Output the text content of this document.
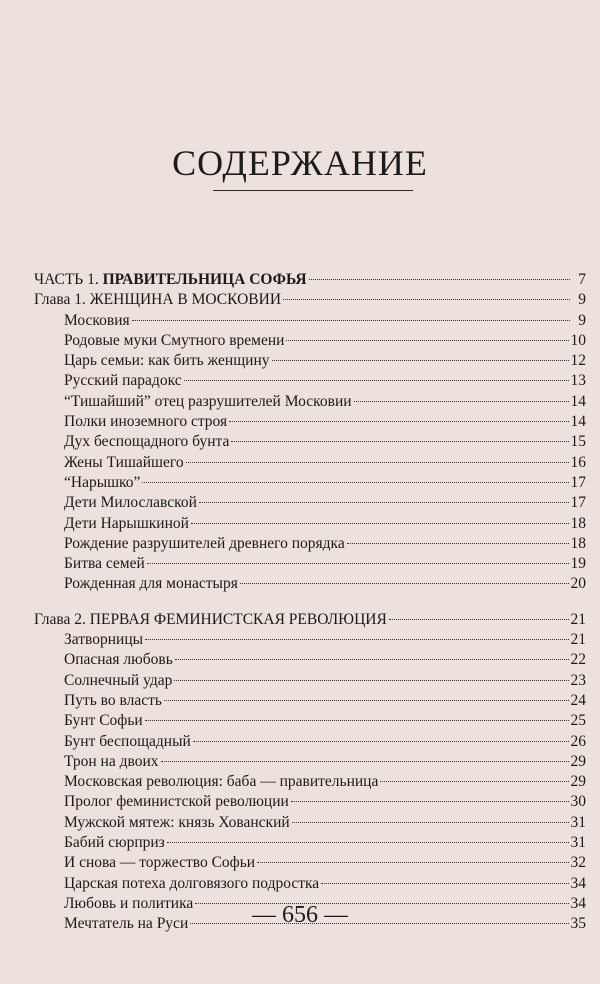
СОДЕРЖАНИЕ
ЧАСТЬ 1. ПРАВИТЕЛЬНИЦА СОФЬЯ	7
Глава 1. ЖЕНЩИНА В МОСКОВИИ	9
Московия	9
Родовые муки Смутного времени	10
Царь семьи: как бить женщину	12
Русский парадокс	13
“Тишайший” отец разрушителей Московии	14
Полки иноземного строя	14
Дух беспощадного бунта	15
Жены Тишайшего	16
“Нарышко”	17
Дети Милославской	17
Дети Нарышкиной	18
Рождение разрушителей древнего порядка	18
Битва семей	19
Рожденная для монастыря	20
Глава 2. ПЕРВАЯ ФЕМИНИСТСКАЯ РЕВОЛЮЦИЯ	21
Затворницы	21
Опасная любовь	22
Солнечный удар	23
Путь во власть	24
Бунт Софьи	25
Бунт беспощадный	26
Трон на двоих	29
Московская революция: баба — правительница	29
Пролог феминистской революции	30
Мужской мятеж: князь Хованский	31
Бабий сюрприз	31
И снова — торжество Софьи	32
Царская потеха долговязого подростка	34
Любовь и политика	34
Мечтатель на Руси	35
— 656 —
